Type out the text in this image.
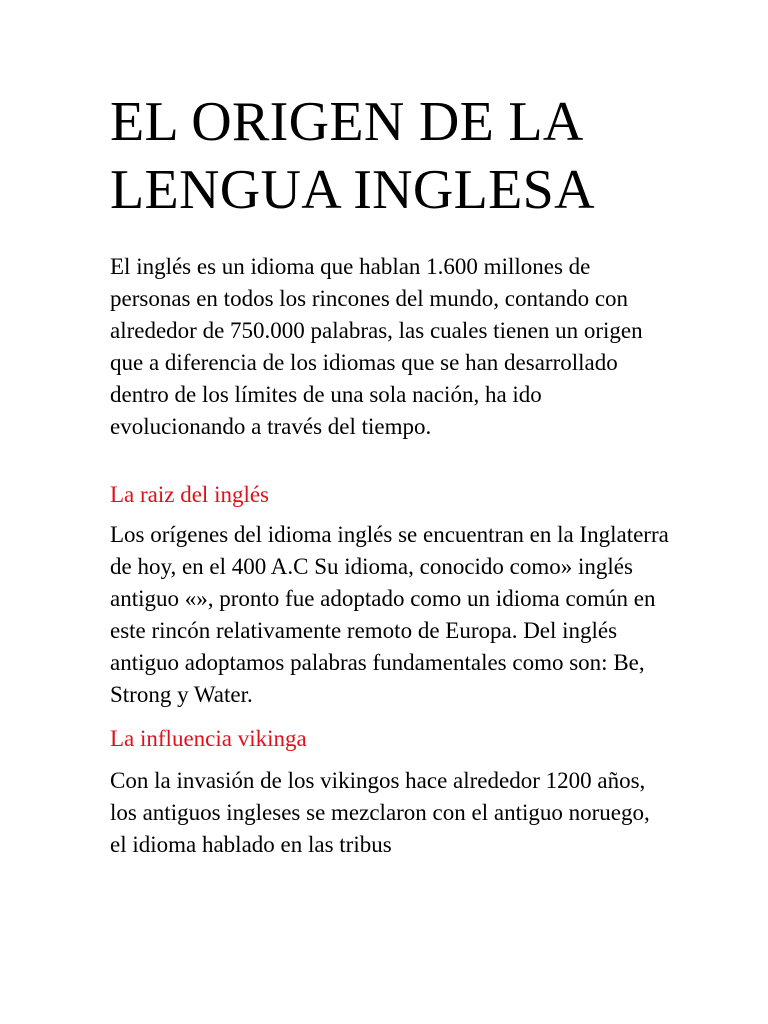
EL ORIGEN DE LA LENGUA INGLESA

El inglés es un idioma que hablan 1.600 millones de personas en todos los rincones del mundo, contando con alrededor de 750.000 palabras, las cuales tienen un origen que a diferencia de los idiomas que se han desarrollado dentro de los límites de una sola nación, ha ido evolucionando a través del tiempo.

La raiz del inglés

Los orígenes del idioma inglés se encuentran en la Inglaterra de hoy, en el 400 A.C Su idioma, conocido como» inglés antiguo «», pronto fue adoptado como un idioma común en este rincón relativamente remoto de Europa. Del inglés antiguo adoptamos palabras fundamentales como son: Be, Strong y Water.

La influencia vikinga

Con la invasión de los vikingos hace alrededor 1200 años, los antiguos ingleses se mezclaron con el antiguo noruego, el idioma hablado en las tribus
